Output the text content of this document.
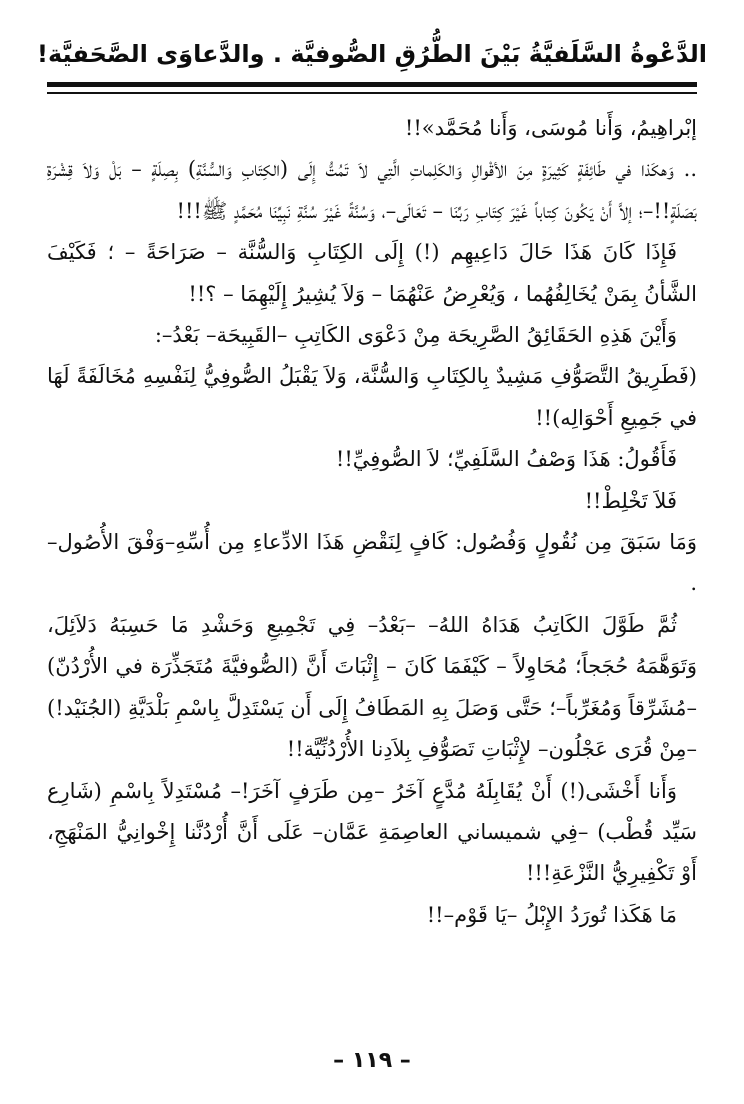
الدَّعْوةُ السَّلَفيَّةُ بَيْنَ الطُّرُقِ الصُّوفيَّة . والدَّعاوَى الصَّحَفيَّة!

إبْراهِيمُ، وَأَنا مُوسَى، وَأَنا مُحَمَّد»!!

.. وَهكَذا في طَائِفَةٍ كَثِيرَةٍ مِنَ الأقْوالِ وَالكَلِماتِ الَّتِي لاَ تَمُتُّ إِلَى (الكِتَابِ وَالسُّنَّةِ) بِصِلَةٍ – بَلْ وَلاَ قِشْرَةِ بَصَلَةٍ!!–؛ إلاَّ أَنْ يَكُونَ كِتاباً غَيْرَ كِتَابِ رَبِّنَا – تَعَالَى–، وَسُنَّةً غَيْرَ سُنَّةِ نَبِيِّنَا مُحَمَّدٍ ﷺ!!!

فَإِذَا كَانَ هَذَا حَالَ دَاعِيهِم (!) إِلَى الكِتَابِ وَالسُّنَّة – صَرَاحَةً – ؛ فَكَيْفَ الشَّأنُ بِمَنْ يُخَالِفُهُما ، وَيُعْرِضُ عَنْهُمَا – وَلاَ يُشِيرُ إِلَيْهِمَا – ؟!!

وَأَيْنَ هَذِهِ الحَقَائِقُ الصَّرِيحَة مِنْ دَعْوَى الكَاتِبِ –القَبِيحَة– بَعْدُ–:

(فَطَرِيقُ التَّصَوُّفِ مَشِيدٌ بِالكِتَابِ وَالسُّنَّة، وَلاَ يَقْبَلُ الصُّوفِيُّ لِنَفْسِهِ مُخَالَفَةً لَهَا في جَمِيعِ أَحْوَالِه)!!

فَأَقُولُ: هَذَا وَصْفُ السَّلَفِيِّ؛ لاَ الصُّوفِيِّ!!

فَلاَ تَخْلِطْ!!

وَمَا سَبَقَ مِن نُقُولٍ وَفُصُول: كَافٍ لِنَقْضِ هَذَا الادِّعاءِ مِن أُسِّهِ–وَفْقَ الأُصُول– .

ثُمَّ طَوَّلَ الكَاتِبُ هَدَاهُ اللهُ– –بَعْدُ– فِي تَجْمِيعِ وَحَشْدِ مَا حَسِبَهُ دَلاَئِلَ، وَتَوَهَّمَهُ حُجَجاً؛ مُحَاوِلاً – كَيْفَمَا كَانَ – إِثْبَاتَ أَنَّ (الصُّوفيَّةَ مُتَجَذِّرَة في الأُرْدُنّ) –مُشَرِّقاً وَمُغَرِّباً–؛ حَتَّى وَصَلَ بِهِ المَطَافُ إِلَى أَن يَسْتَدِلَّ بِاسْمِ بَلْدَيَّةِ (الجُنَيْد!) –مِنْ قُرَى عَجْلُون– لإِثْبَاتِ تَصَوُّفِ بِلاَدِنا الأُرْدُنِّيَّة!!

وَأَنا أَخْشَى(!) أَنْ يُقَابِلَهُ مُدَّعٍ آخَرُ –مِن طَرَفٍ آخَرَ!– مُسْتَدِلاً بِاسْمِ (شَارِع سَيِّد قُطْب) –فِي شميساني العاصِمَةِ عَمَّان– عَلَى أَنَّ أُرْدُنَّنا إِخْوانِيُّ المَنْهَجِ، أَوْ تَكْفِيرِيُّ النَّزْعَةِ!!!

مَا هَكَذا تُورَدُ الإِبْلُ –يَا قَوْم–!!

– ١١٩ –
